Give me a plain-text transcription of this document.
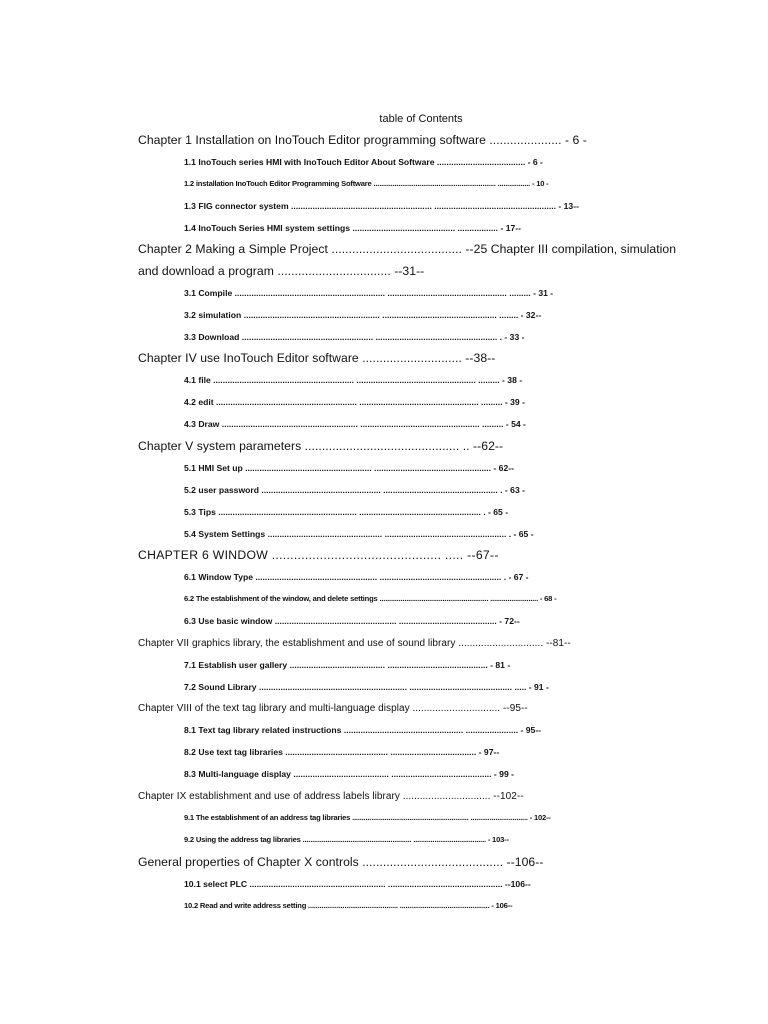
table of Contents
Chapter 1 Installation on InoTouch Editor programming software ..................... - 6 -
1.1 InoTouch series HMI with InoTouch Editor About Software ..................................... - 6 -
1.2 installation InoTouch Editor Programming Software ................................................................ ................. - 10 -
1.3 FIG connector system ........................................................... ................................................... - 13--
1.4 InoTouch Series HMI system settings ........................................... ................. - 17--
Chapter 2 Making a Simple Project ...................................... --25 Chapter III compilation, simulation
and download a program ................................. --31--
3.1 Compile ............................................................... .................................................. ......... - 31 -
3.2 simulation ......................................................... ................................................ ........ - 32--
3.3 Download ....................................................... ................................................... . - 33 -
Chapter IV use InoTouch Editor software ............................. --38--
4.1 file ........................................................... .................................................. ......... - 38 -
4.2 edit ........................................................... .................................................. ......... - 39 -
4.3 Draw ......................................................... .................................................. ......... - 54 -
Chapter V system parameters ............................................. .. --62--
5.1 HMI Set up ..................................................... ................................................. - 62--
5.2 user password .................................................. ................................................ . - 63 -
5.3 Tips .......................................................... ................................................... . - 65 -
5.4 System Settings ................................................ ................................................... . - 65 -
CHAPTER 6 WINDOW .............................................. ..... --67--
6.1 Window Type ................................................... ................................................... . - 67 -
6.2 The establishment of the window, and delete settings ......................................................... ......................... - 68 -
6.3 Use basic window ................................................... ......................................... - 72--
Chapter VII graphics library, the establishment and use of sound library .............................. --81--
7.1 Establish user gallery ........................................ .......................................... - 81 -
7.2 Sound Library .............................................................. ........................................... ..... - 91 -
Chapter VIII of the text tag library and multi-language display ............................... --95--
8.1 Text tag library related instructions .................................................. ...................... - 95--
8.2 Use text tag libraries ........................................... .................................... - 97--
8.3 Multi-language display ........................................ .......................................... - 99 -
Chapter IX establishment and use of address labels library ............................... --102--
9.1 The establishment of an address tag libraries ............................................................. .............................. - 102--
9.2 Using the address tag libraries ......................................................... ...................................... - 103--
General properties of Chapter X controls ......................................... --106--
10.1 select PLC ......................................................... ................................................ --106--
10.2 Read and write address setting ............................................... ............................................... - 106--
